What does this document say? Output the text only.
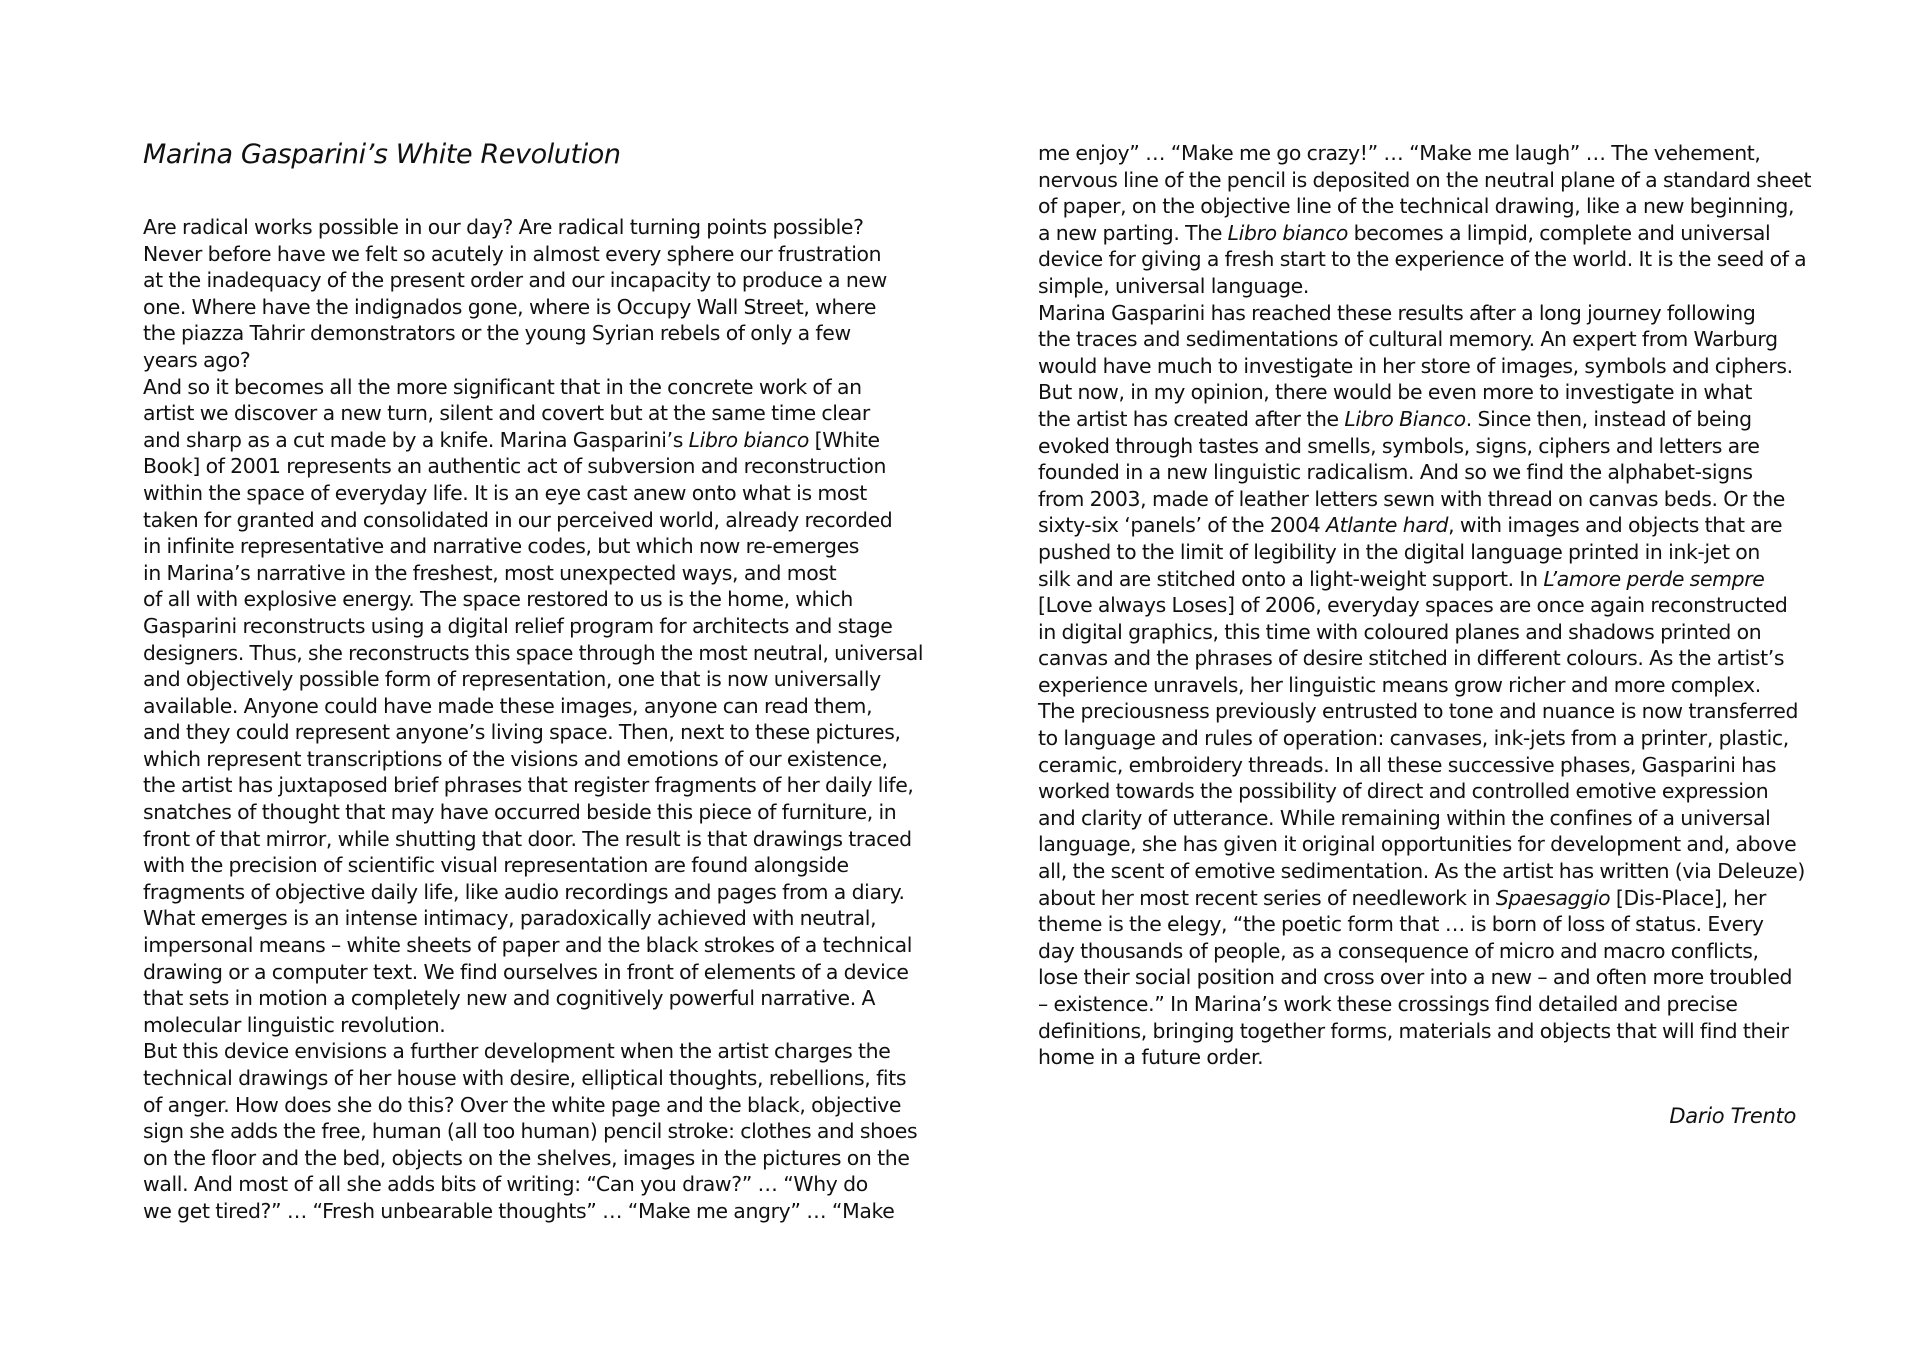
Marina Gasparini’s White Revolution
Are radical works possible in our day? Are radical turning points possible?
Never before have we felt so acutely in almost every sphere our frustration
at the inadequacy of the present order and our incapacity to produce a new
one. Where have the indignados gone, where is Occupy Wall Street, where
the piazza Tahrir demonstrators or the young Syrian rebels of only a few
years ago?
And so it becomes all the more significant that in the concrete work of an
artist we discover a new turn, silent and covert but at the same time clear
and sharp as a cut made by a knife. Marina Gasparini’s Libro bianco [White
Book] of 2001 represents an authentic act of subversion and reconstruction
within the space of everyday life. It is an eye cast anew onto what is most
taken for granted and consolidated in our perceived world, already recorded
in infinite representative and narrative codes, but which now re-emerges
in Marina’s narrative in the freshest, most unexpected ways, and most
of all with explosive energy. The space restored to us is the home, which
Gasparini reconstructs using a digital relief program for architects and stage
designers. Thus, she reconstructs this space through the most neutral, universal
and objectively possible form of representation, one that is now universally
available. Anyone could have made these images, anyone can read them,
and they could represent anyone’s living space. Then, next to these pictures,
which represent transcriptions of the visions and emotions of our existence,
the artist has juxtaposed brief phrases that register fragments of her daily life,
snatches of thought that may have occurred beside this piece of furniture, in
front of that mirror, while shutting that door. The result is that drawings traced
with the precision of scientific visual representation are found alongside
fragments of objective daily life, like audio recordings and pages from a diary.
What emerges is an intense intimacy, paradoxically achieved with neutral,
impersonal means – white sheets of paper and the black strokes of a technical
drawing or a computer text. We find ourselves in front of elements of a device
that sets in motion a completely new and cognitively powerful narrative. A
molecular linguistic revolution.
But this device envisions a further development when the artist charges the
technical drawings of her house with desire, elliptical thoughts, rebellions, fits
of anger. How does she do this? Over the white page and the black, objective
sign she adds the free, human (all too human) pencil stroke: clothes and shoes
on the floor and the bed, objects on the shelves, images in the pictures on the
wall. And most of all she adds bits of writing: “Can you draw?” … “Why do
we get tired?” … “Fresh unbearable thoughts” … “Make me angry” … “Make
me enjoy” … “Make me go crazy!” … “Make me laugh” … The vehement,
nervous line of the pencil is deposited on the neutral plane of a standard sheet
of paper, on the objective line of the technical drawing, like a new beginning,
a new parting. The Libro bianco becomes a limpid, complete and universal
device for giving a fresh start to the experience of the world. It is the seed of a
simple, universal language.
Marina Gasparini has reached these results after a long journey following
the traces and sedimentations of cultural memory. An expert from Warburg
would have much to investigate in her store of images, symbols and ciphers.
But now, in my opinion, there would be even more to investigate in what
the artist has created after the Libro Bianco. Since then, instead of being
evoked through tastes and smells, symbols, signs, ciphers and letters are
founded in a new linguistic radicalism. And so we find the alphabet-signs
from 2003, made of leather letters sewn with thread on canvas beds. Or the
sixty-six ‘panels’ of the 2004 Atlante hard, with images and objects that are
pushed to the limit of legibility in the digital language printed in ink-jet on
silk and are stitched onto a light-weight support. In L’amore perde sempre
[Love always Loses] of 2006, everyday spaces are once again reconstructed
in digital graphics, this time with coloured planes and shadows printed on
canvas and the phrases of desire stitched in different colours. As the artist’s
experience unravels, her linguistic means grow richer and more complex.
The preciousness previously entrusted to tone and nuance is now transferred
to language and rules of operation: canvases, ink-jets from a printer, plastic,
ceramic, embroidery threads. In all these successive phases, Gasparini has
worked towards the possibility of direct and controlled emotive expression
and clarity of utterance. While remaining within the confines of a universal
language, she has given it original opportunities for development and, above
all, the scent of emotive sedimentation. As the artist has written (via Deleuze)
about her most recent series of needlework in Spaesaggio [Dis-Place], her
theme is the elegy, “the poetic form that … is born of loss of status. Every
day thousands of people, as a consequence of micro and macro conflicts,
lose their social position and cross over into a new – and often more troubled
– existence.” In Marina’s work these crossings find detailed and precise
definitions, bringing together forms, materials and objects that will find their
home in a future order.
Dario Trento
